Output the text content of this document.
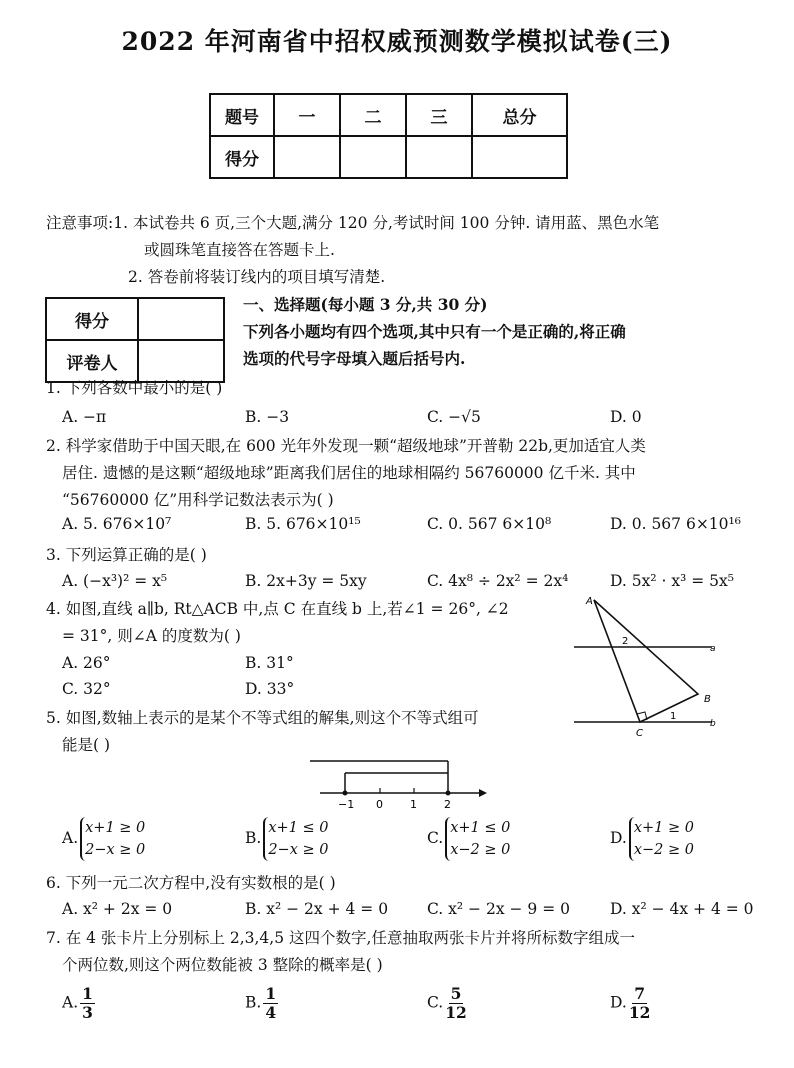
2022 年河南省中招权威预测数学模拟试卷(三)
题号	一	二	三	总分
得分				
注意事项:1. 本试卷共 6 页,三个大题,满分 120 分,考试时间 100 分钟. 请用蓝、黑色水笔
或圆珠笔直接答在答题卡上.
2. 答卷前将装订线内的项目填写清楚.
得分	
评卷人	
一、选择题(每小题 3 分,共 30 分)
下列各小题均有四个选项,其中只有一个是正确的,将正确
选项的代号字母填入题后括号内.
1. 下列各数中最小的是( )
A. −π	B. −3	C. −√5	D. 0
2. 科学家借助于中国天眼,在 600 光年外发现一颗“超级地球”开普勒 22b,更加适宜人类
居住. 遗憾的是这颗“超级地球”距离我们居住的地球相隔约 56760000 亿千米. 其中
“56760000 亿”用科学记数法表示为( )
A. 5. 676×10⁷	B. 5. 676×10¹⁵	C. 0. 567 6×10⁸	D. 0. 567 6×10¹⁶
3. 下列运算正确的是( )
A. (−x³)² = x⁵	B. 2x+3y = 5xy	C. 4x⁸ ÷ 2x² = 2x⁴	D. 5x² · x³ = 5x⁵
4. 如图,直线 a∥b, Rt△ACB 中,点 C 在直线 b 上,若∠1 = 26°, ∠2
= 31°, 则∠A 的度数为( )
A. 26°	B. 31°
C. 32°	D. 33°
A
B
C
a
b
2
1
5. 如图,数轴上表示的是某个不等式组的解集,则这个不等式组可
能是( )
−1 0 1 2
A.x+1 ≥ 0
2−x ≥ 0
B.x+1 ≤ 0
2−x ≥ 0
C.x+1 ≤ 0
x−2 ≥ 0
D.x+1 ≥ 0
x−2 ≥ 0
6. 下列一元二次方程中,没有实数根的是( )
A. x² + 2x = 0	B. x² − 2x + 4 = 0	C. x² − 2x − 9 = 0	D. x² − 4x + 4 = 0
7. 在 4 张卡片上分别标上 2,3,4,5 这四个数字,任意抽取两张卡片并将所标数字组成一
个两位数,则这个两位数能被 3 整除的概率是( )
A. $\frac{1}{3}$	B. $\frac{1}{4}$	C. $\frac{5}{12}$	D. $\frac{7}{12}$
